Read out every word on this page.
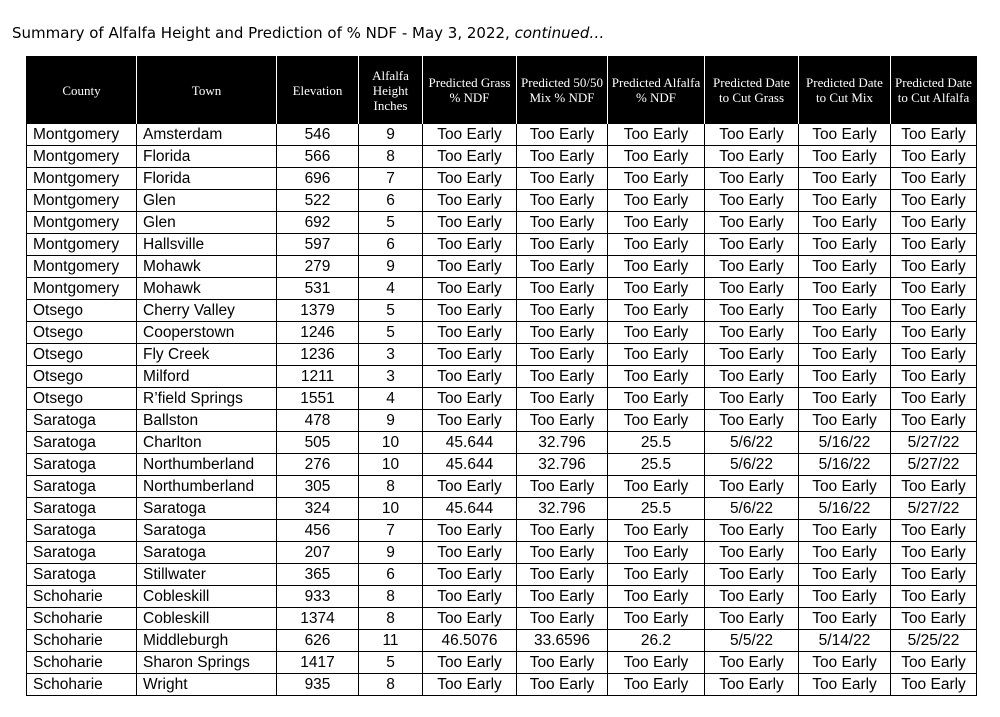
Summary of Alfalfa Height and Prediction of % NDF - May 3, 2022, continued…
County	Town	Elevation	Alfalfa Height Inches	Predicted Grass % NDF	Predicted 50/50 Mix % NDF	Predicted Alfalfa % NDF	Predicted Date to Cut Grass	Predicted Date to Cut Mix	Predicted Date to Cut Alfalfa
Montgomery	Amsterdam	546	9	Too Early	Too Early	Too Early	Too Early	Too Early	Too Early
Montgomery	Florida	566	8	Too Early	Too Early	Too Early	Too Early	Too Early	Too Early
Montgomery	Florida	696	7	Too Early	Too Early	Too Early	Too Early	Too Early	Too Early
Montgomery	Glen	522	6	Too Early	Too Early	Too Early	Too Early	Too Early	Too Early
Montgomery	Glen	692	5	Too Early	Too Early	Too Early	Too Early	Too Early	Too Early
Montgomery	Hallsville	597	6	Too Early	Too Early	Too Early	Too Early	Too Early	Too Early
Montgomery	Mohawk	279	9	Too Early	Too Early	Too Early	Too Early	Too Early	Too Early
Montgomery	Mohawk	531	4	Too Early	Too Early	Too Early	Too Early	Too Early	Too Early
Otsego	Cherry Valley	1379	5	Too Early	Too Early	Too Early	Too Early	Too Early	Too Early
Otsego	Cooperstown	1246	5	Too Early	Too Early	Too Early	Too Early	Too Early	Too Early
Otsego	Fly Creek	1236	3	Too Early	Too Early	Too Early	Too Early	Too Early	Too Early
Otsego	Milford	1211	3	Too Early	Too Early	Too Early	Too Early	Too Early	Too Early
Otsego	R’field Springs	1551	4	Too Early	Too Early	Too Early	Too Early	Too Early	Too Early
Saratoga	Ballston	478	9	Too Early	Too Early	Too Early	Too Early	Too Early	Too Early
Saratoga	Charlton	505	10	45.644	32.796	25.5	5/6/22	5/16/22	5/27/22
Saratoga	Northumberland	276	10	45.644	32.796	25.5	5/6/22	5/16/22	5/27/22
Saratoga	Northumberland	305	8	Too Early	Too Early	Too Early	Too Early	Too Early	Too Early
Saratoga	Saratoga	324	10	45.644	32.796	25.5	5/6/22	5/16/22	5/27/22
Saratoga	Saratoga	456	7	Too Early	Too Early	Too Early	Too Early	Too Early	Too Early
Saratoga	Saratoga	207	9	Too Early	Too Early	Too Early	Too Early	Too Early	Too Early
Saratoga	Stillwater	365	6	Too Early	Too Early	Too Early	Too Early	Too Early	Too Early
Schoharie	Cobleskill	933	8	Too Early	Too Early	Too Early	Too Early	Too Early	Too Early
Schoharie	Cobleskill	1374	8	Too Early	Too Early	Too Early	Too Early	Too Early	Too Early
Schoharie	Middleburgh	626	11	46.5076	33.6596	26.2	5/5/22	5/14/22	5/25/22
Schoharie	Sharon Springs	1417	5	Too Early	Too Early	Too Early	Too Early	Too Early	Too Early
Schoharie	Wright	935	8	Too Early	Too Early	Too Early	Too Early	Too Early	Too Early
